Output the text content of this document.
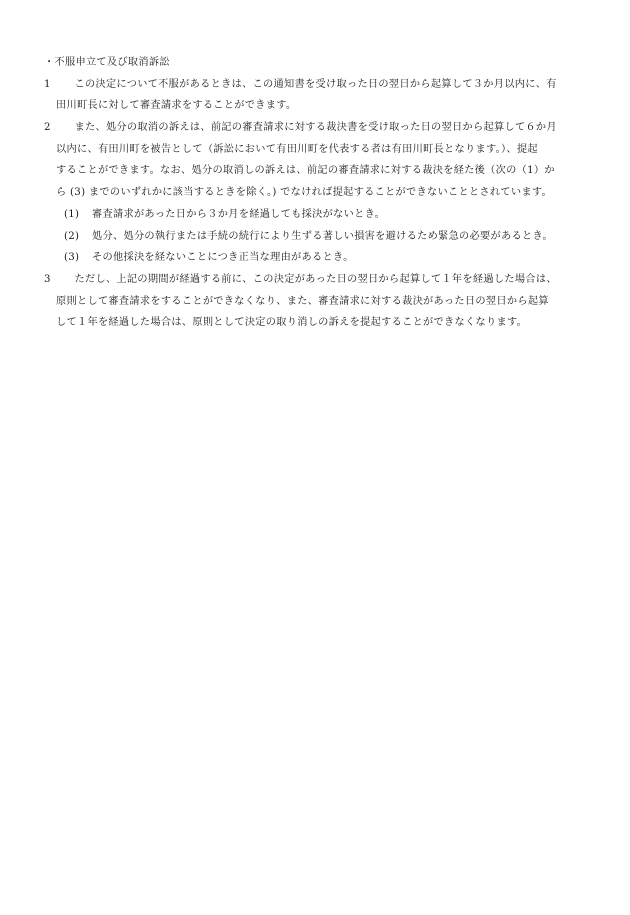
・不服申立て及び取消訴訟
1　この決定について不服があるときは、この通知書を受け取った日の翌日から起算して３か月以内に、有
田川町長に対して審査請求をすることができます。
2　また、処分の取消の訴えは、前記の審査請求に対する裁決書を受け取った日の翌日から起算して６か月
以内に、有田川町を被告として（訴訟において有田川町を代表する者は有田川町長となります。）、提起
することができます。なお、処分の取消しの訴えは、前記の審査請求に対する裁決を経た後（次の（1）か
ら (3) までのいずれかに該当するときを除く。) でなければ提起することができないこととされています。
(1) 審査請求があった日から３か月を経過しても採決がないとき。
(2) 処分、処分の執行または手続の続行により生ずる著しい損害を避けるため緊急の必要があるとき。
(3) その他採決を経ないことにつき正当な理由があるとき。
3　ただし、上記の期間が経過する前に、この決定があった日の翌日から起算して１年を経過した場合は、
原則として審査請求をすることができなくなり、また、審査請求に対する裁決があった日の翌日から起算
して１年を経過した場合は、原則として決定の取り消しの訴えを提起することができなくなります。
